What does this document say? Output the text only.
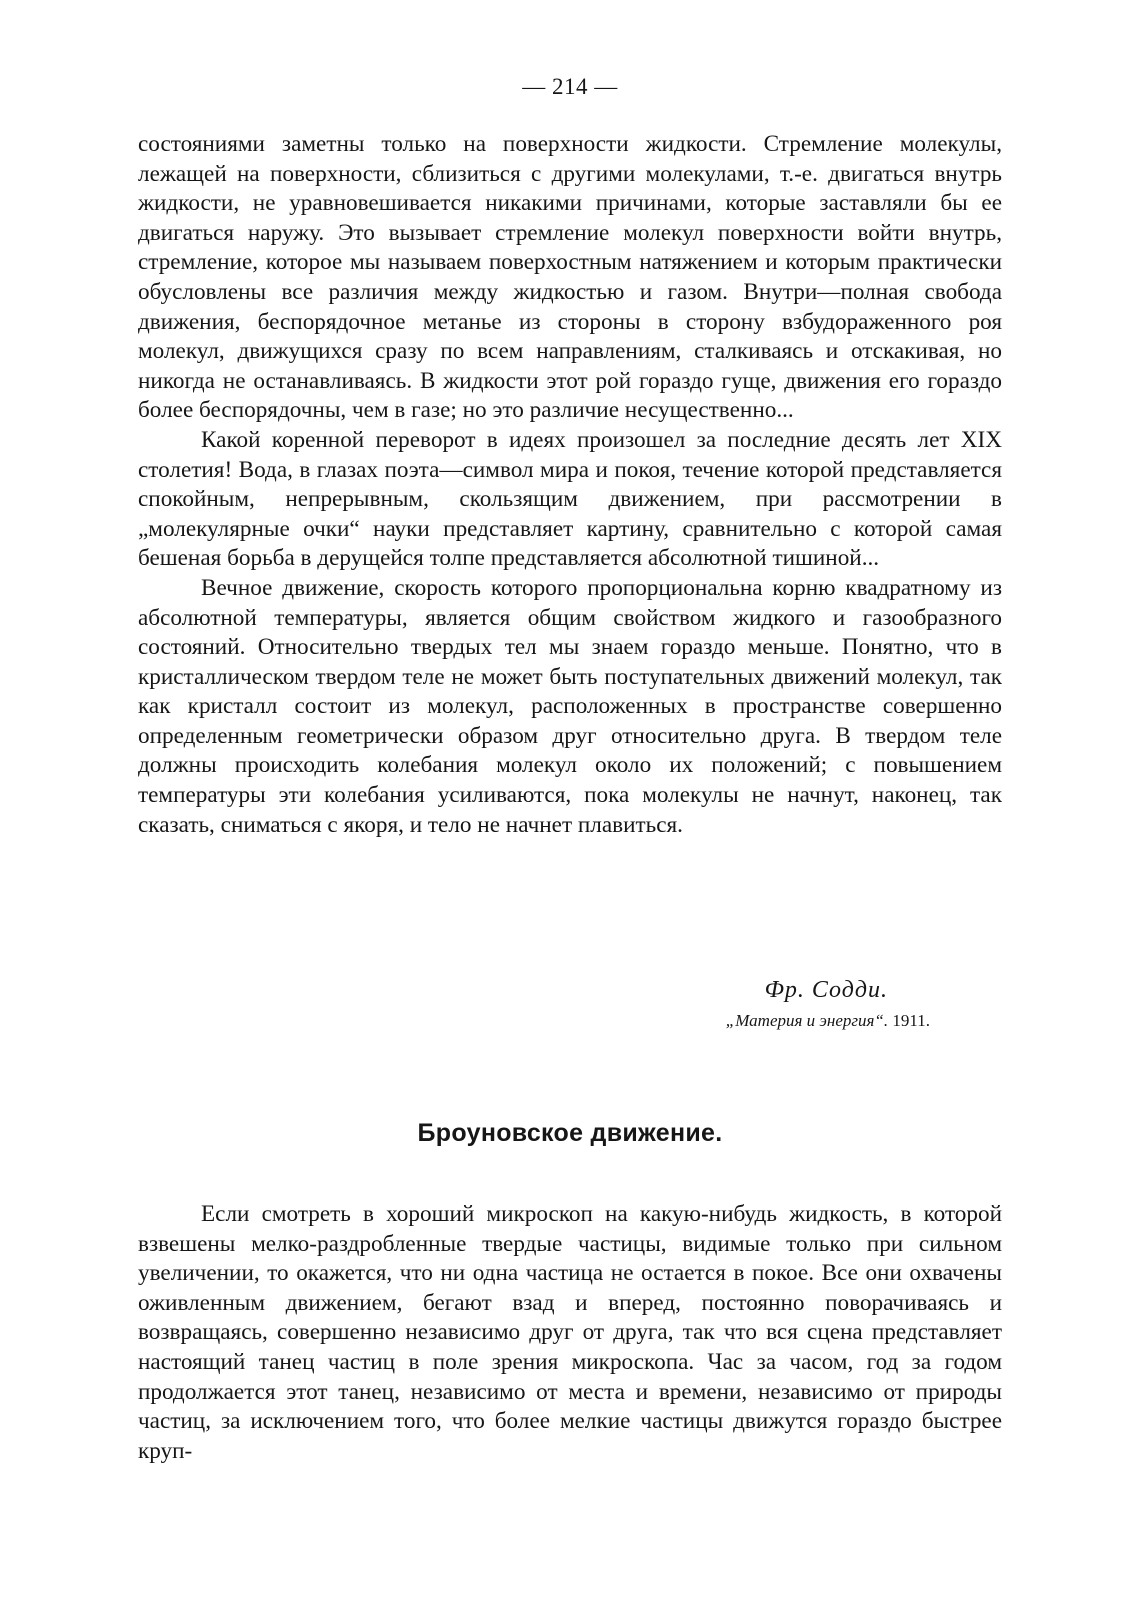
— 214 —

состояниями заметны только на поверхности жидкости. Стремление молекулы, лежащей на поверхности, сблизиться с другими молекулами, т.-е. двигаться внутрь жидкости, не уравновешивается никакими причинами, которые заставляли бы ее двигаться наружу. Это вызывает стремление молекул поверхности войти внутрь, стремление, которое мы называем поверхостным натяжением и которым практически обусловлены все различия между жидкостью и газом. Внутри—полная свобода движения, беспорядочное метанье из стороны в сторону взбудораженного роя молекул, движущихся сразу по всем направлениям, сталкиваясь и отскакивая, но никогда не останавливаясь. В жидкости этот рой гораздо гуще, движения его гораздо более беспорядочны, чем в газе; но это различие несущественно...

Какой коренной переворот в идеях произошел за последние десять лет XIX столетия! Вода, в глазах поэта—символ мира и покоя, течение которой представляется спокойным, непрерывным, скользящим движением, при рассмотрении в „молекулярные очки“ науки представляет картину, сравнительно с которой самая бешеная борьба в дерущейся толпе представляется абсолютной тишиной...

Вечное движение, скорость которого пропорциональна корню квадратному из абсолютной температуры, является общим свойством жидкого и газообразного состояний. Относительно твердых тел мы знаем гораздо меньше. Понятно, что в кристаллическом твердом теле не может быть поступательных движений молекул, так как кристалл состоит из молекул, расположенных в пространстве совершенно определенным геометрически образом друг относительно друга. В твердом теле должны происходить колебания молекул около их положений; с повышением температуры эти колебания усиливаются, пока молекулы не начнут, наконец, так сказать, сниматься с якоря, и тело не начнет плавиться.

Фр. Содди.
„Материя и энергия“. 1911.
Броуновское движение.

Если смотреть в хороший микроскоп на какую-нибудь жидкость, в которой взвешены мелко-раздробленные твердые частицы, видимые только при сильном увеличении, то окажется, что ни одна частица не остается в покое. Все они охвачены оживленным движением, бегают взад и вперед, постоянно поворачиваясь и возвращаясь, совершенно независимо друг от друга, так что вся сцена представляет настоящий танец частиц в поле зрения микроскопа. Час за часом, год за годом продолжается этот танец, независимо от места и времени, независимо от природы частиц, за исключением того, что более мелкие частицы движутся гораздо быстрее круп-
